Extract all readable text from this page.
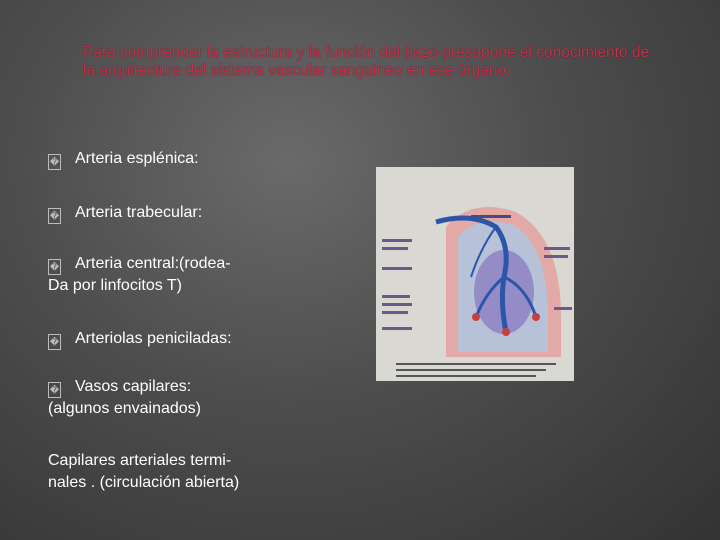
Para comprender la estructura y la función del bazo presupone el conocimiento de la arquitectura del sistema vascular sanguíneo en ese órgano.
� Arteria esplénica:
� Arteria trabecular:
� Arteria central:(rodea-
Da por linfocitos T)
� Arteriolas peniciladas:
� Vasos capilares:
(algunos envainados)
Capilares arteriales termi-
nales . (circulación abierta)
